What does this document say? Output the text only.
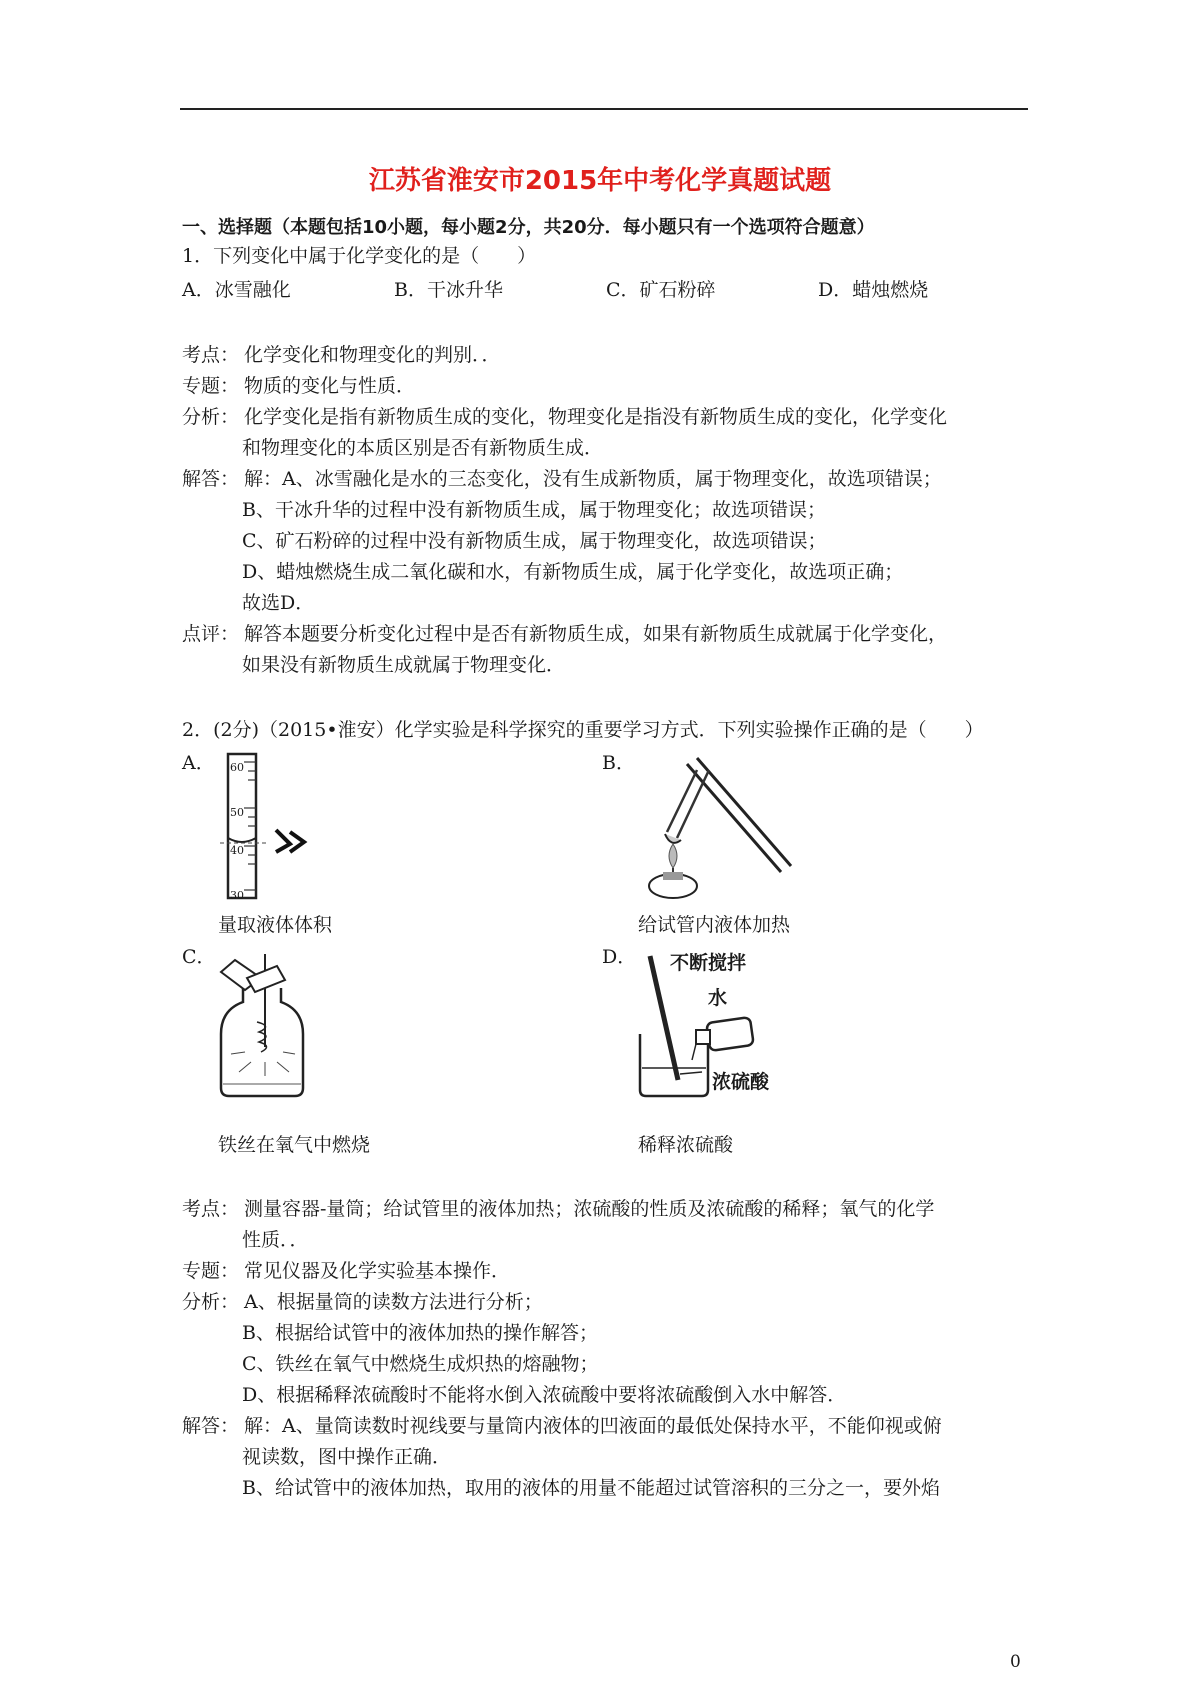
江苏省淮安市2015年中考化学真题试题
一、选择题（本题包括10小题，每小题2分，共20分．每小题只有一个选项符合题意）
1．下列变化中属于化学变化的是（　　）
A．冰雪融化	B．干冰升华	C．矿石粉碎	D．蜡烛燃烧
考点： 化学变化和物理变化的判别．．
专题： 物质的变化与性质．
分析： 化学变化是指有新物质生成的变化，物理变化是指没有新物质生成的变化，化学变化
和物理变化的本质区别是否有新物质生成．
解答： 解：A、冰雪融化是水的三态变化，没有生成新物质，属于物理变化，故选项错误；
B、干冰升华的过程中没有新物质生成，属于物理变化；故选项错误；
C、矿石粉碎的过程中没有新物质生成，属于物理变化，故选项错误；
D、蜡烛燃烧生成二氧化碳和水，有新物质生成，属于化学变化，故选项正确；
故选D．
点评： 解答本题要分析变化过程中是否有新物质生成，如果有新物质生成就属于化学变化，
如果没有新物质生成就属于物理变化．
2．(2分)（2015•淮安）化学实验是科学探究的重要学习方式．下列实验操作正确的是（　　）
A．	B．
60
50
40
30
量取液体体积	给试管内液体加热
C．	D． 不断搅拌
水
浓硫酸
铁丝在氧气中燃烧	稀释浓硫酸
考点： 测量容器-量筒；给试管里的液体加热；浓硫酸的性质及浓硫酸的稀释；氧气的化学
性质．．
专题： 常见仪器及化学实验基本操作．
分析： A、根据量筒的读数方法进行分析；
B、根据给试管中的液体加热的操作解答；
C、铁丝在氧气中燃烧生成炽热的熔融物；
D、根据稀释浓硫酸时不能将水倒入浓硫酸中要将浓硫酸倒入水中解答．
解答： 解：A、量筒读数时视线要与量筒内液体的凹液面的最低处保持水平，不能仰视或俯
视读数，图中操作正确．
B、给试管中的液体加热，取用的液体的用量不能超过试管溶积的三分之一，要外焰
0
